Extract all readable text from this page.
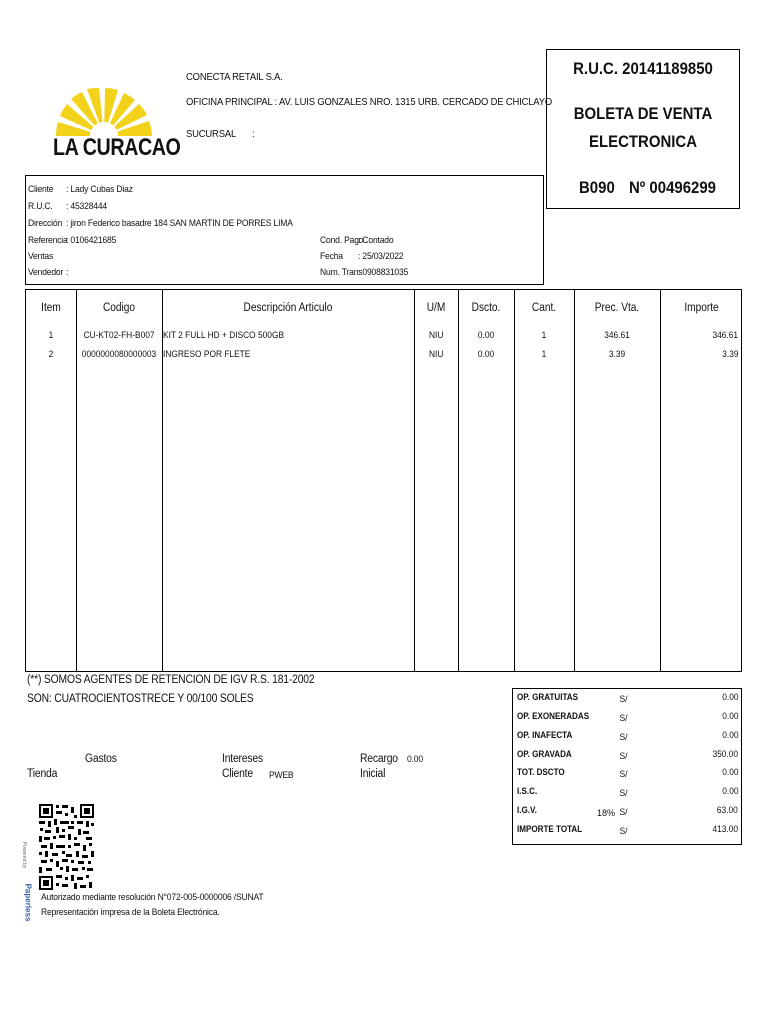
LA CURACAO
CONECTA RETAIL S.A.
OFICINA PRINCIPAL : AV. LUIS GONZALES NRO. 1315 URB. CERCADO DE CHICLAYO
SUCURSAL :
R.U.C. 20141189850
BOLETA DE VENTA
ELECTRONICA
B090 Nº 00496299
Cliente : Lady Cubas Diaz
R.U.C. : 45328444
Dirección : jiron Federico basadre 184 SAN MARTIN DE PORRES LIMA
Referencia
: 0106421685
Ventas
Vendedor :
Cond. Pago
: Contado
Fecha : 25/03/2022
Num. Trans
: 0908831035
Item	Codigo	Descripción Articulo	U/M	Dscto.	Cant.	Prec. Vta.	Importe
1	CU-KT02-FH-B007 KIT 2 FULL HD + DISCO 500GB	NIU	0.00	1	346.61	346.61
2	0000000080000003 INGRESO POR FLETE	NIU	0.00	1	3.39	3.39
(**) SOMOS AGENTES DE RETENCION DE IGV R.S. 181-2002
SON: CUATROCIENTOSTRECE Y 00/100 SOLES
Gastos
Tienda
Intereses
Cliente PWEB
Recargo
Inicial
0.00
OP. GRATUITAS	S/	0.00
OP. EXONERADAS	S/	0.00
OP. INAFECTA	S/	0.00
OP. GRAVADA	S/	350.00
TOT. DSCTO	S/	0.00
I.S.C.	S/	0.00
I.G.V.	18% S/	63.00
IMPORTE TOTAL	S/	413.00
Powered by
Paperless Autorizado mediante resolución N°072-005-0000006 /SUNAT
Representación impresa de la Boleta Electrónica.
